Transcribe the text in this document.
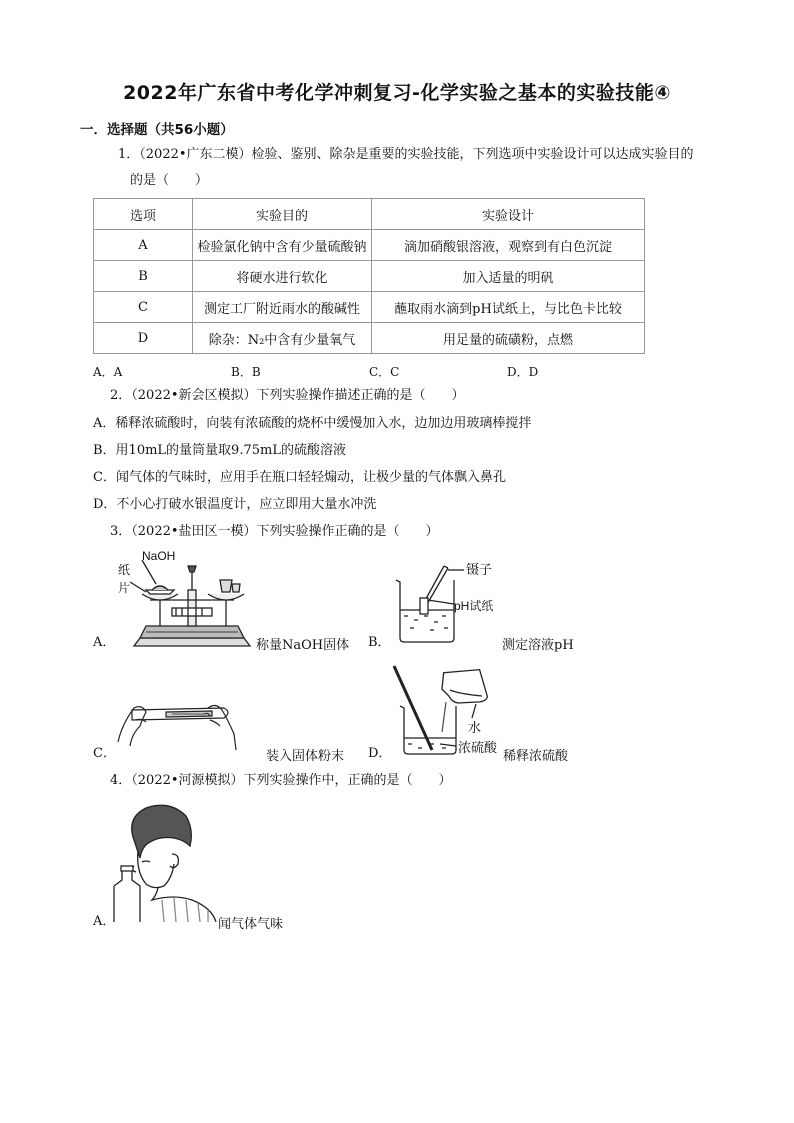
2022年广东省中考化学冲刺复习-化学实验之基本的实验技能④
一．选择题（共56小题）
1．（2022•广东二模）检验、鉴别、除杂是重要的实验技能，下列选项中实验设计可以达成实验目的
的是（　　）
选项	实验目的	实验设计
A	检验氯化钠中含有少量硫酸钠	滴加硝酸银溶液，观察到有白色沉淀
B	将硬水进行软化	加入适量的明矾
C	测定工厂附近雨水的酸碱性	蘸取雨水滴到pH试纸上，与比色卡比较
D	除杂：N₂中含有少量氧气	用足量的硫磺粉，点燃
A．A	B．B	C．C	D．D
2．（2022•新会区模拟）下列实验操作描述正确的是（　　）
A．稀释浓硫酸时，向装有浓硫酸的烧杯中缓慢加入水，边加边用玻璃棒搅拌
B．用10mL的量筒量取9.75mL的硫酸溶液
C．闻气体的气味时，应用手在瓶口轻轻煽动，让极少量的气体飘入鼻孔
D．不小心打破水银温度计，应立即用大量水冲洗
3．（2022•盐田区一模）下列实验操作正确的是（　　）
A．
NaOH
纸
片
称量NaOH固体 B．
镊子
pH试纸
测定溶液pH
C．	装入固体粉末 D．
水
浓硫酸
稀释浓硫酸
4．（2022•河源模拟）下列实验操作中，正确的是（　　）
A．	闻气体气味
